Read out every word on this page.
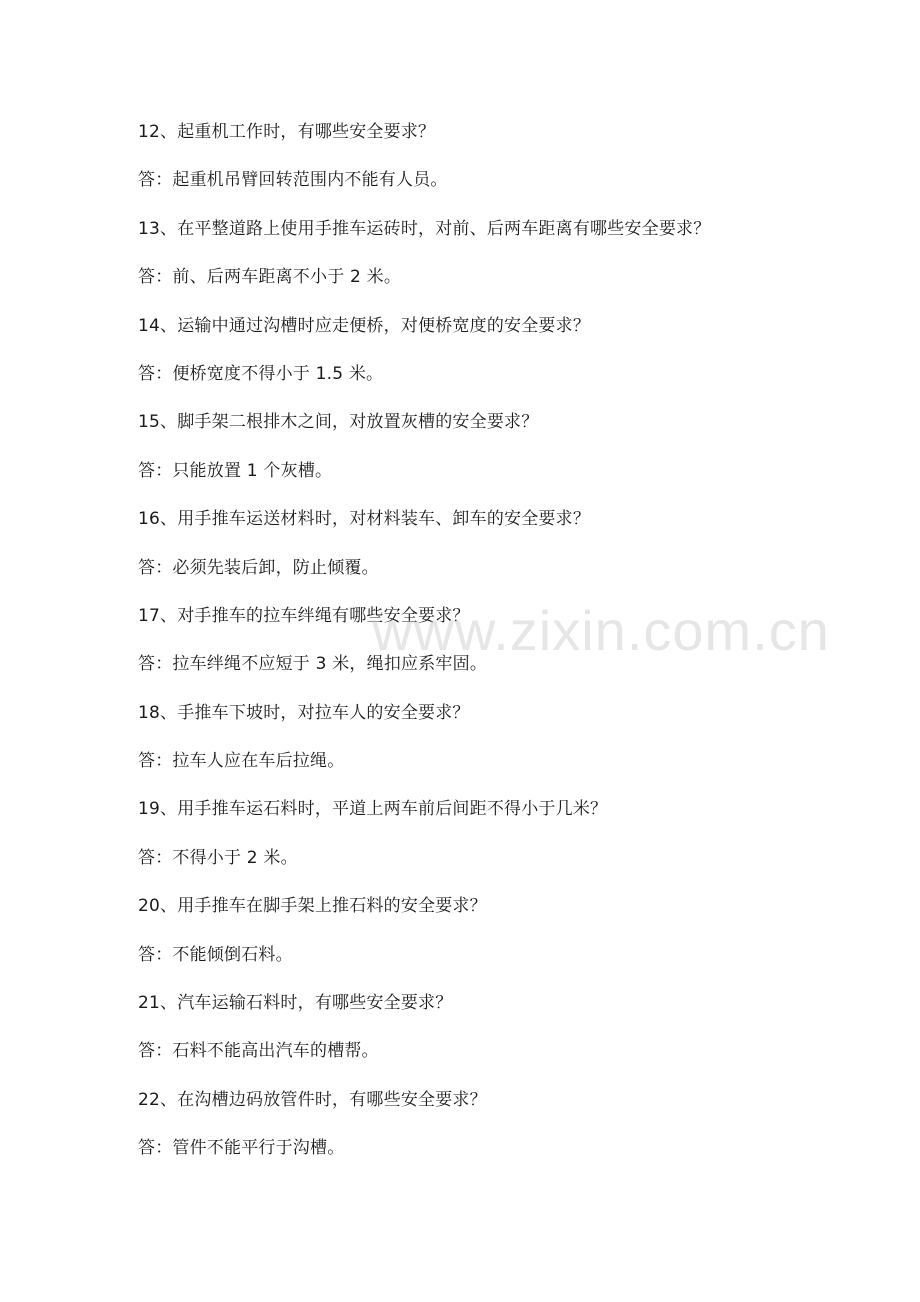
12、起重机工作时，有哪些安全要求？
答：起重机吊臂回转范围内不能有人员。
13、在平整道路上使用手推车运砖时，对前、后两车距离有哪些安全要求？
答：前、后两车距离不小于 2 米。
14、运输中通过沟槽时应走便桥，对便桥宽度的安全要求？
答：便桥宽度不得小于 1.5 米。
15、脚手架二根排木之间，对放置灰槽的安全要求？
答：只能放置 1 个灰槽。
16、用手推车运送材料时，对材料装车、卸车的安全要求？
答：必须先装后卸，防止倾覆。
17、对手推车的拉车绊绳有哪些安全要求？
答：拉车绊绳不应短于 3 米，绳扣应系牢固。
18、手推车下坡时，对拉车人的安全要求？
答：拉车人应在车后拉绳。
19、用手推车运石料时，平道上两车前后间距不得小于几米？
答：不得小于 2 米。
20、用手推车在脚手架上推石料的安全要求？
答：不能倾倒石料。
21、汽车运输石料时，有哪些安全要求？
答：石料不能高出汽车的槽帮。
22、在沟槽边码放管件时，有哪些安全要求？
答：管件不能平行于沟槽。
www.zixin.com.cn
